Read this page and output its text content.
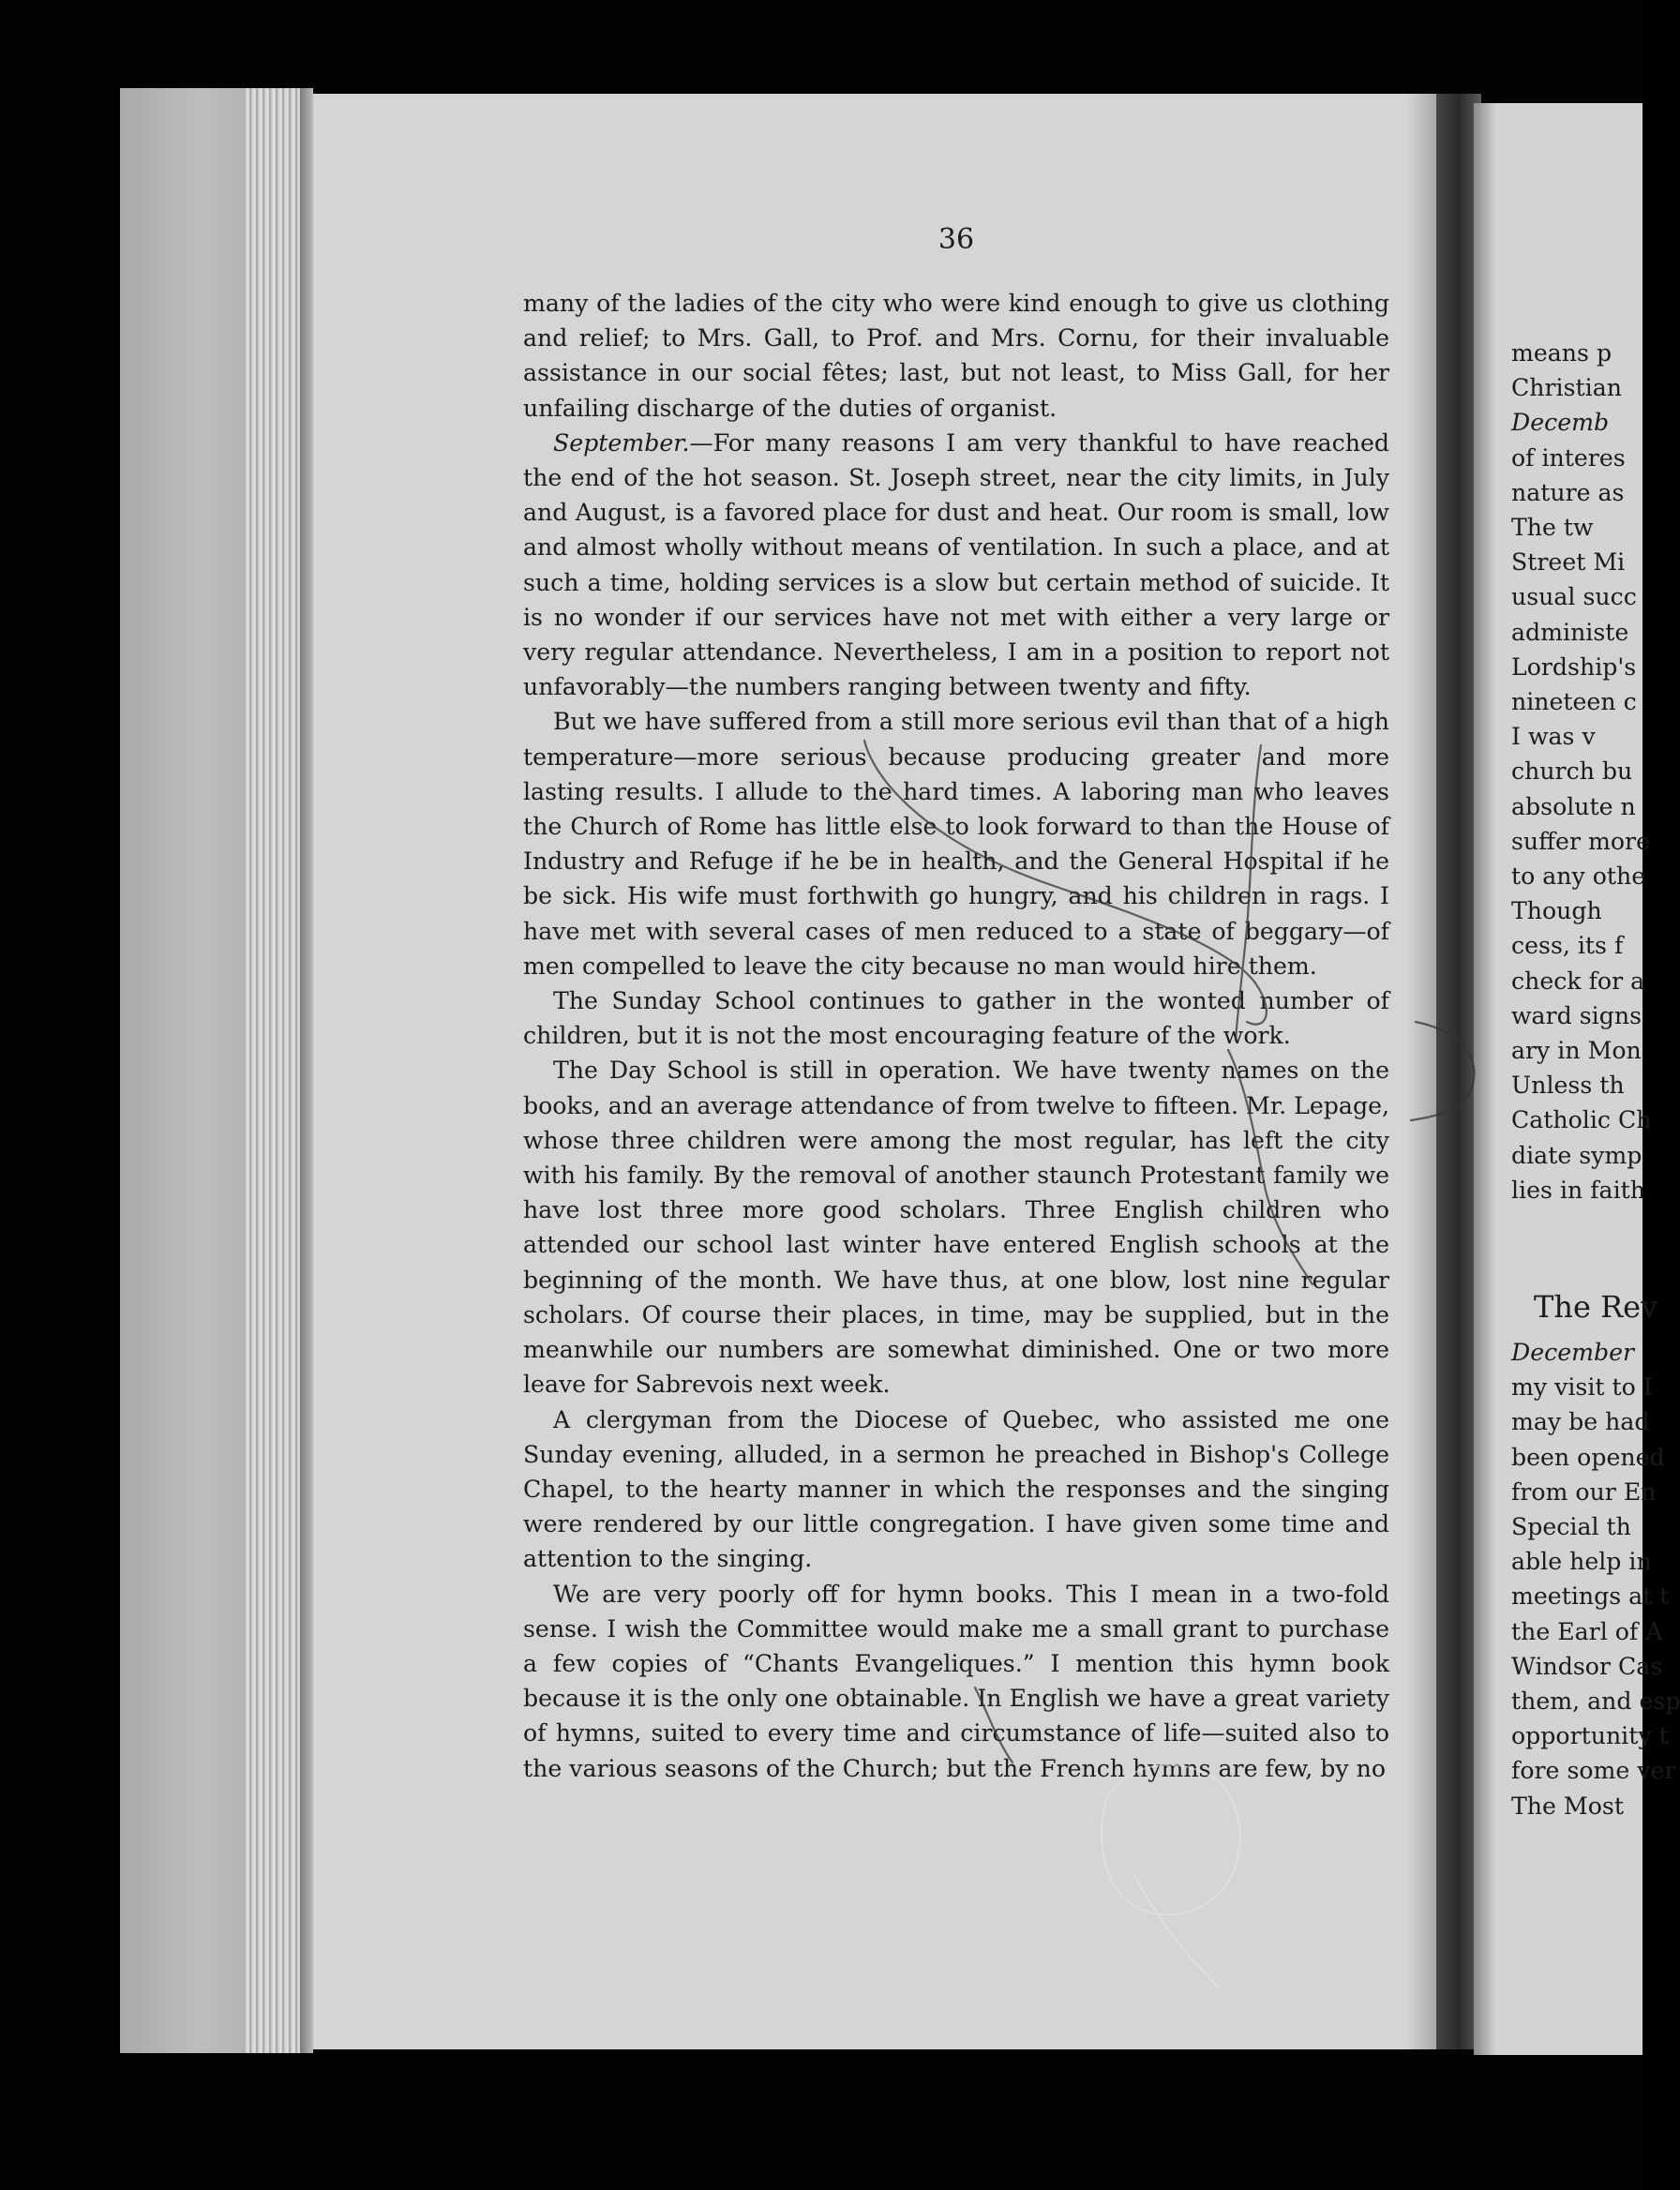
36

many of the ladies of the city who were kind enough to give us clothing and relief; to Mrs. Gall, to Prof. and Mrs. Cornu, for their invaluable assistance in our social fêtes; last, but not least, to Miss Gall, for her unfailing discharge of the duties of organist.

September.—For many reasons I am very thankful to have reached the end of the hot season. St. Joseph street, near the city limits, in July and August, is a favored place for dust and heat. Our room is small, low and almost wholly without means of ventilation. In such a place, and at such a time, holding services is a slow but certain method of suicide. It is no wonder if our services have not met with either a very large or very regular attendance. Nevertheless, I am in a position to report not unfavorably—the numbers ranging between twenty and fifty.

But we have suffered from a still more serious evil than that of a high temperature—more serious because producing greater and more lasting results. I allude to the hard times. A laboring man who leaves the Church of Rome has little else to look forward to than the House of Industry and Refuge if he be in health, and the General Hospital if he be sick. His wife must forthwith go hungry, and his children in rags. I have met with several cases of men reduced to a state of beggary—of men compelled to leave the city because no man would hire them.

The Sunday School continues to gather in the wonted number of children, but it is not the most encouraging feature of the work.

The Day School is still in operation. We have twenty names on the books, and an average attendance of from twelve to fifteen. Mr. Lepage, whose three children were among the most regular, has left the city with his family. By the removal of another staunch Protestant family we have lost three more good scholars. Three English children who attended our school last winter have entered English schools at the beginning of the month. We have thus, at one blow, lost nine regular scholars. Of course their places, in time, may be supplied, but in the meanwhile our numbers are somewhat diminished. One or two more leave for Sabrevois next week.

A clergyman from the Diocese of Quebec, who assisted me one Sunday evening, alluded, in a sermon he preached in Bishop's College Chapel, to the hearty manner in which the responses and the singing were rendered by our little congregation. I have given some time and attention to the singing.

We are very poorly off for hymn books. This I mean in a two-fold sense. I wish the Committee would make me a small grant to purchase a few copies of “Chants Evangeliques.” I mention this hymn book because it is the only one obtainable. In English we have a great variety of hymns, suited to every time and circumstance of life—suited also to the various seasons of the Church; but the French hymns are few, by no

means p
Christian
Decemb
of interes
nature as
The tw
Street Mi
usual succ
administe
Lordship's
nineteen c
I was v
church bu
absolute n
suffer more
to any othe
Though
cess, its f
check for a
ward signs
ary in Mon
Unless th
Catholic Ch
diate symp
lies in faith
The Rev
December
my visit to I
may be had
been opened
from our En
Special th
able help in
meetings at t
the Earl of A
Windsor Cas
them, and esp
opportunity t
fore some ver
The Most
